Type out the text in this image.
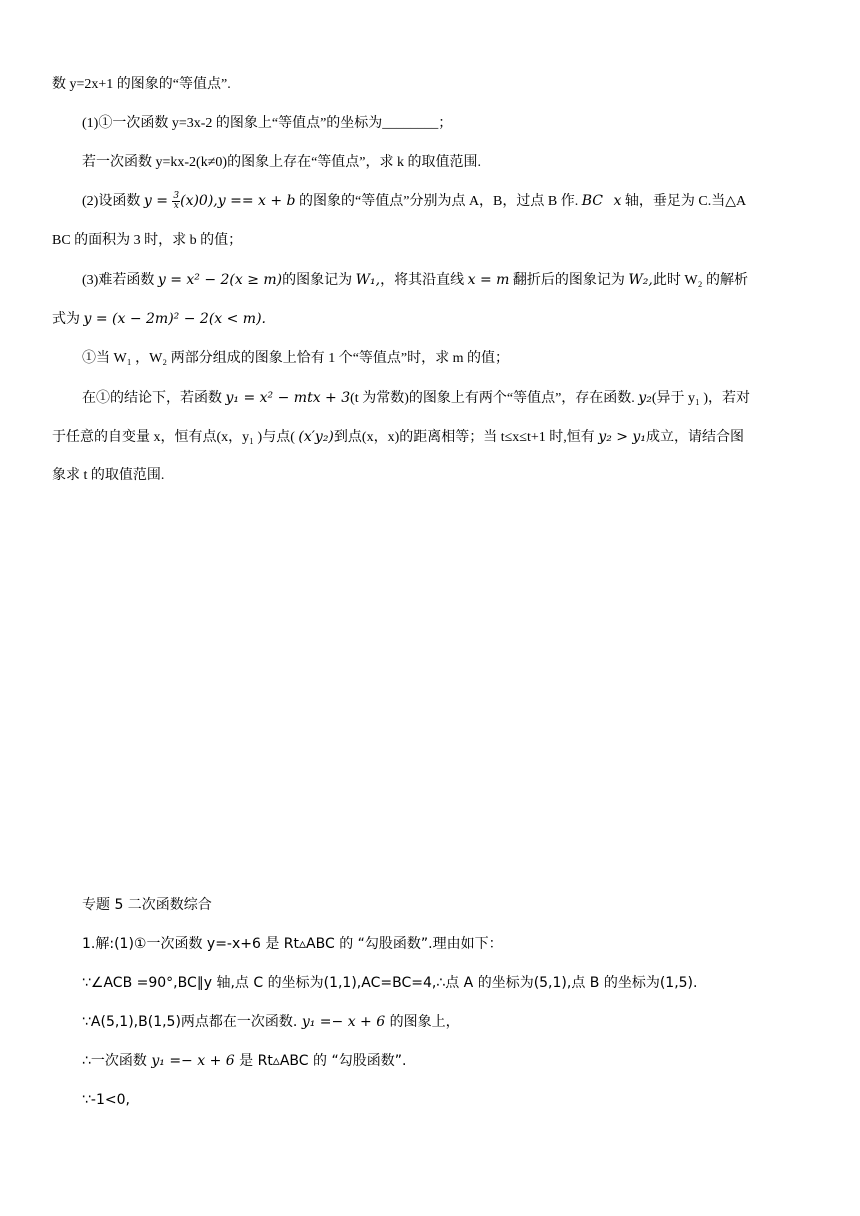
数 y=2x+1 的图象的“等值点”.
(1)①一次函数 y=3x-2 的图象上“等值点”的坐标为________；
若一次函数 y=kx-2(k≠0)的图象上存在“等值点”，求 k 的取值范围.
(2)设函数 $y = \frac{3}{x} (x)0),y == x + b$ 的图象的“等值点”分别为点 A，B，过点 B 作. BC x 轴，垂足为 C.当△A
BC 的面积为 3 时，求 b 的值；
(3)难若函数 y = x² − 2(x ≥ m)的图象记为 W₁,，将其沿直线 x = m 翻折后的图象记为 W₂,此时 W₂ 的解析
式为 y = (x − 2m)² − 2(x < m).
①当 W₁ ，W₂ 两部分组成的图象上恰有 1 个“等值点”时，求 m 的值；
在①的结论下，若函数 y₁ = x² − mtx + 3(t 为常数)的图象上有两个“等值点”，存在函数. y₂(异于 y₁ )，若对
于任意的自变量 x，恒有点(x，y₁ )与点( (x′y₂)到点(x，x)的距离相等；当 t≤x≤t+1 时,恒有 y₂ > y₁成立，请结合图
象求 t 的取值范围.
专题 5 二次函数综合
1.解:(1)①一次函数 y=-x+6 是 Rt▵ABC 的 “勾股函数”.理由如下：
∵∠ACB =90°,BC∥y 轴,点 C 的坐标为(1,1),AC=BC=4,∴点 A 的坐标为(5,1),点 B 的坐标为(1,5).
∵A(5,1),B(1,5)两点都在一次函数. y₁ =− x + 6 的图象上，
∴一次函数 y₁ =− x + 6 是 Rt▵ABC 的 “勾股函数”.
∵-1<0,
